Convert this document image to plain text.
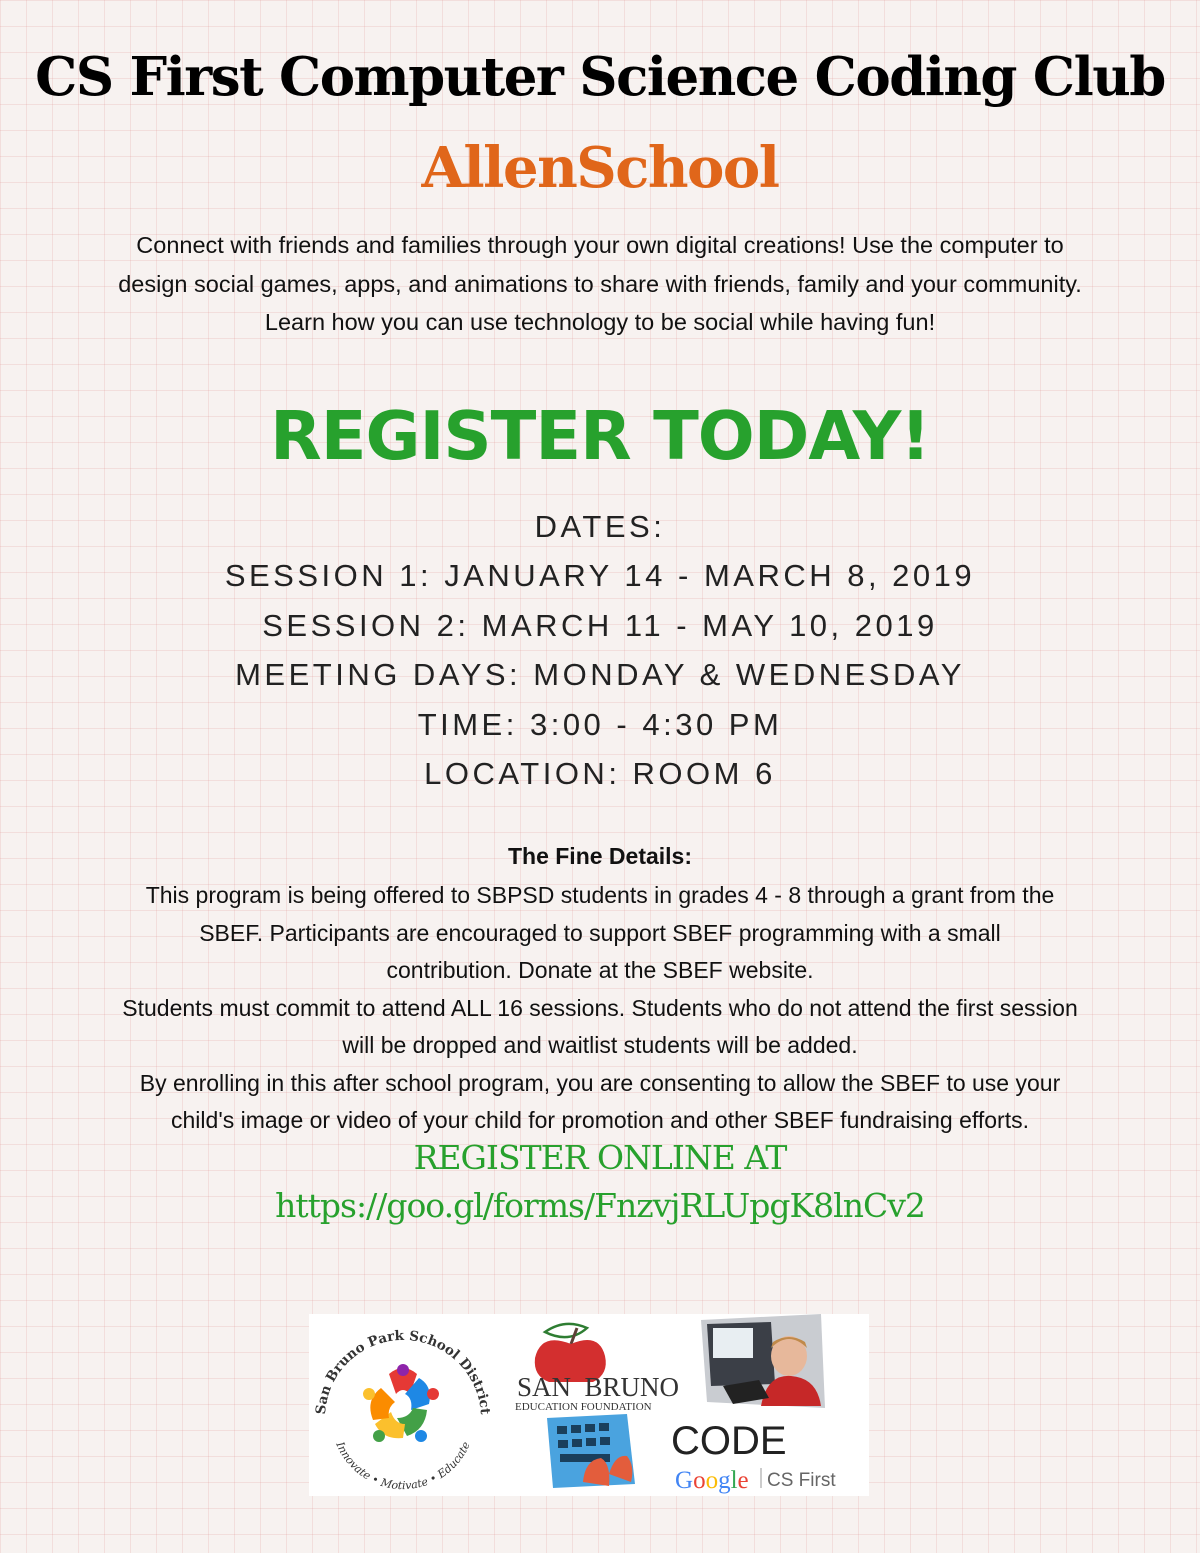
CS First Computer Science Coding Club
AllenSchool
Connect with friends and families through your own digital creations! Use the computer to
design social games, apps, and animations to share with friends, family and your community.
Learn how you can use technology to be social while having fun!
REGISTER TODAY!
DATES:
SESSION 1: JANUARY 14 - MARCH 8, 2019
SESSION 2: MARCH 11 - MAY 10, 2019
MEETING DAYS: MONDAY & WEDNESDAY
TIME: 3:00 - 4:30 PM
LOCATION: ROOM 6
The Fine Details:
This program is being offered to SBPSD students in grades 4 - 8 through a grant from the
SBEF. Participants are encouraged to support SBEF programming with a small
contribution. Donate at the SBEF website.
Students must commit to attend ALL 16 sessions. Students who do not attend the first session
will be dropped and waitlist students will be added.
By enrolling in this after school program, you are consenting to allow the SBEF to use your
child's image or video of your child for promotion and other SBEF fundraising efforts.
REGISTER ONLINE AT
https://goo.gl/forms/FnzvjRLUpgK8lnCv2
San Bruno Park School District
Innovate • Motivate • Educate
SAN  BRUNO
EDUCATION FOUNDATION
CODE
Google CS First
